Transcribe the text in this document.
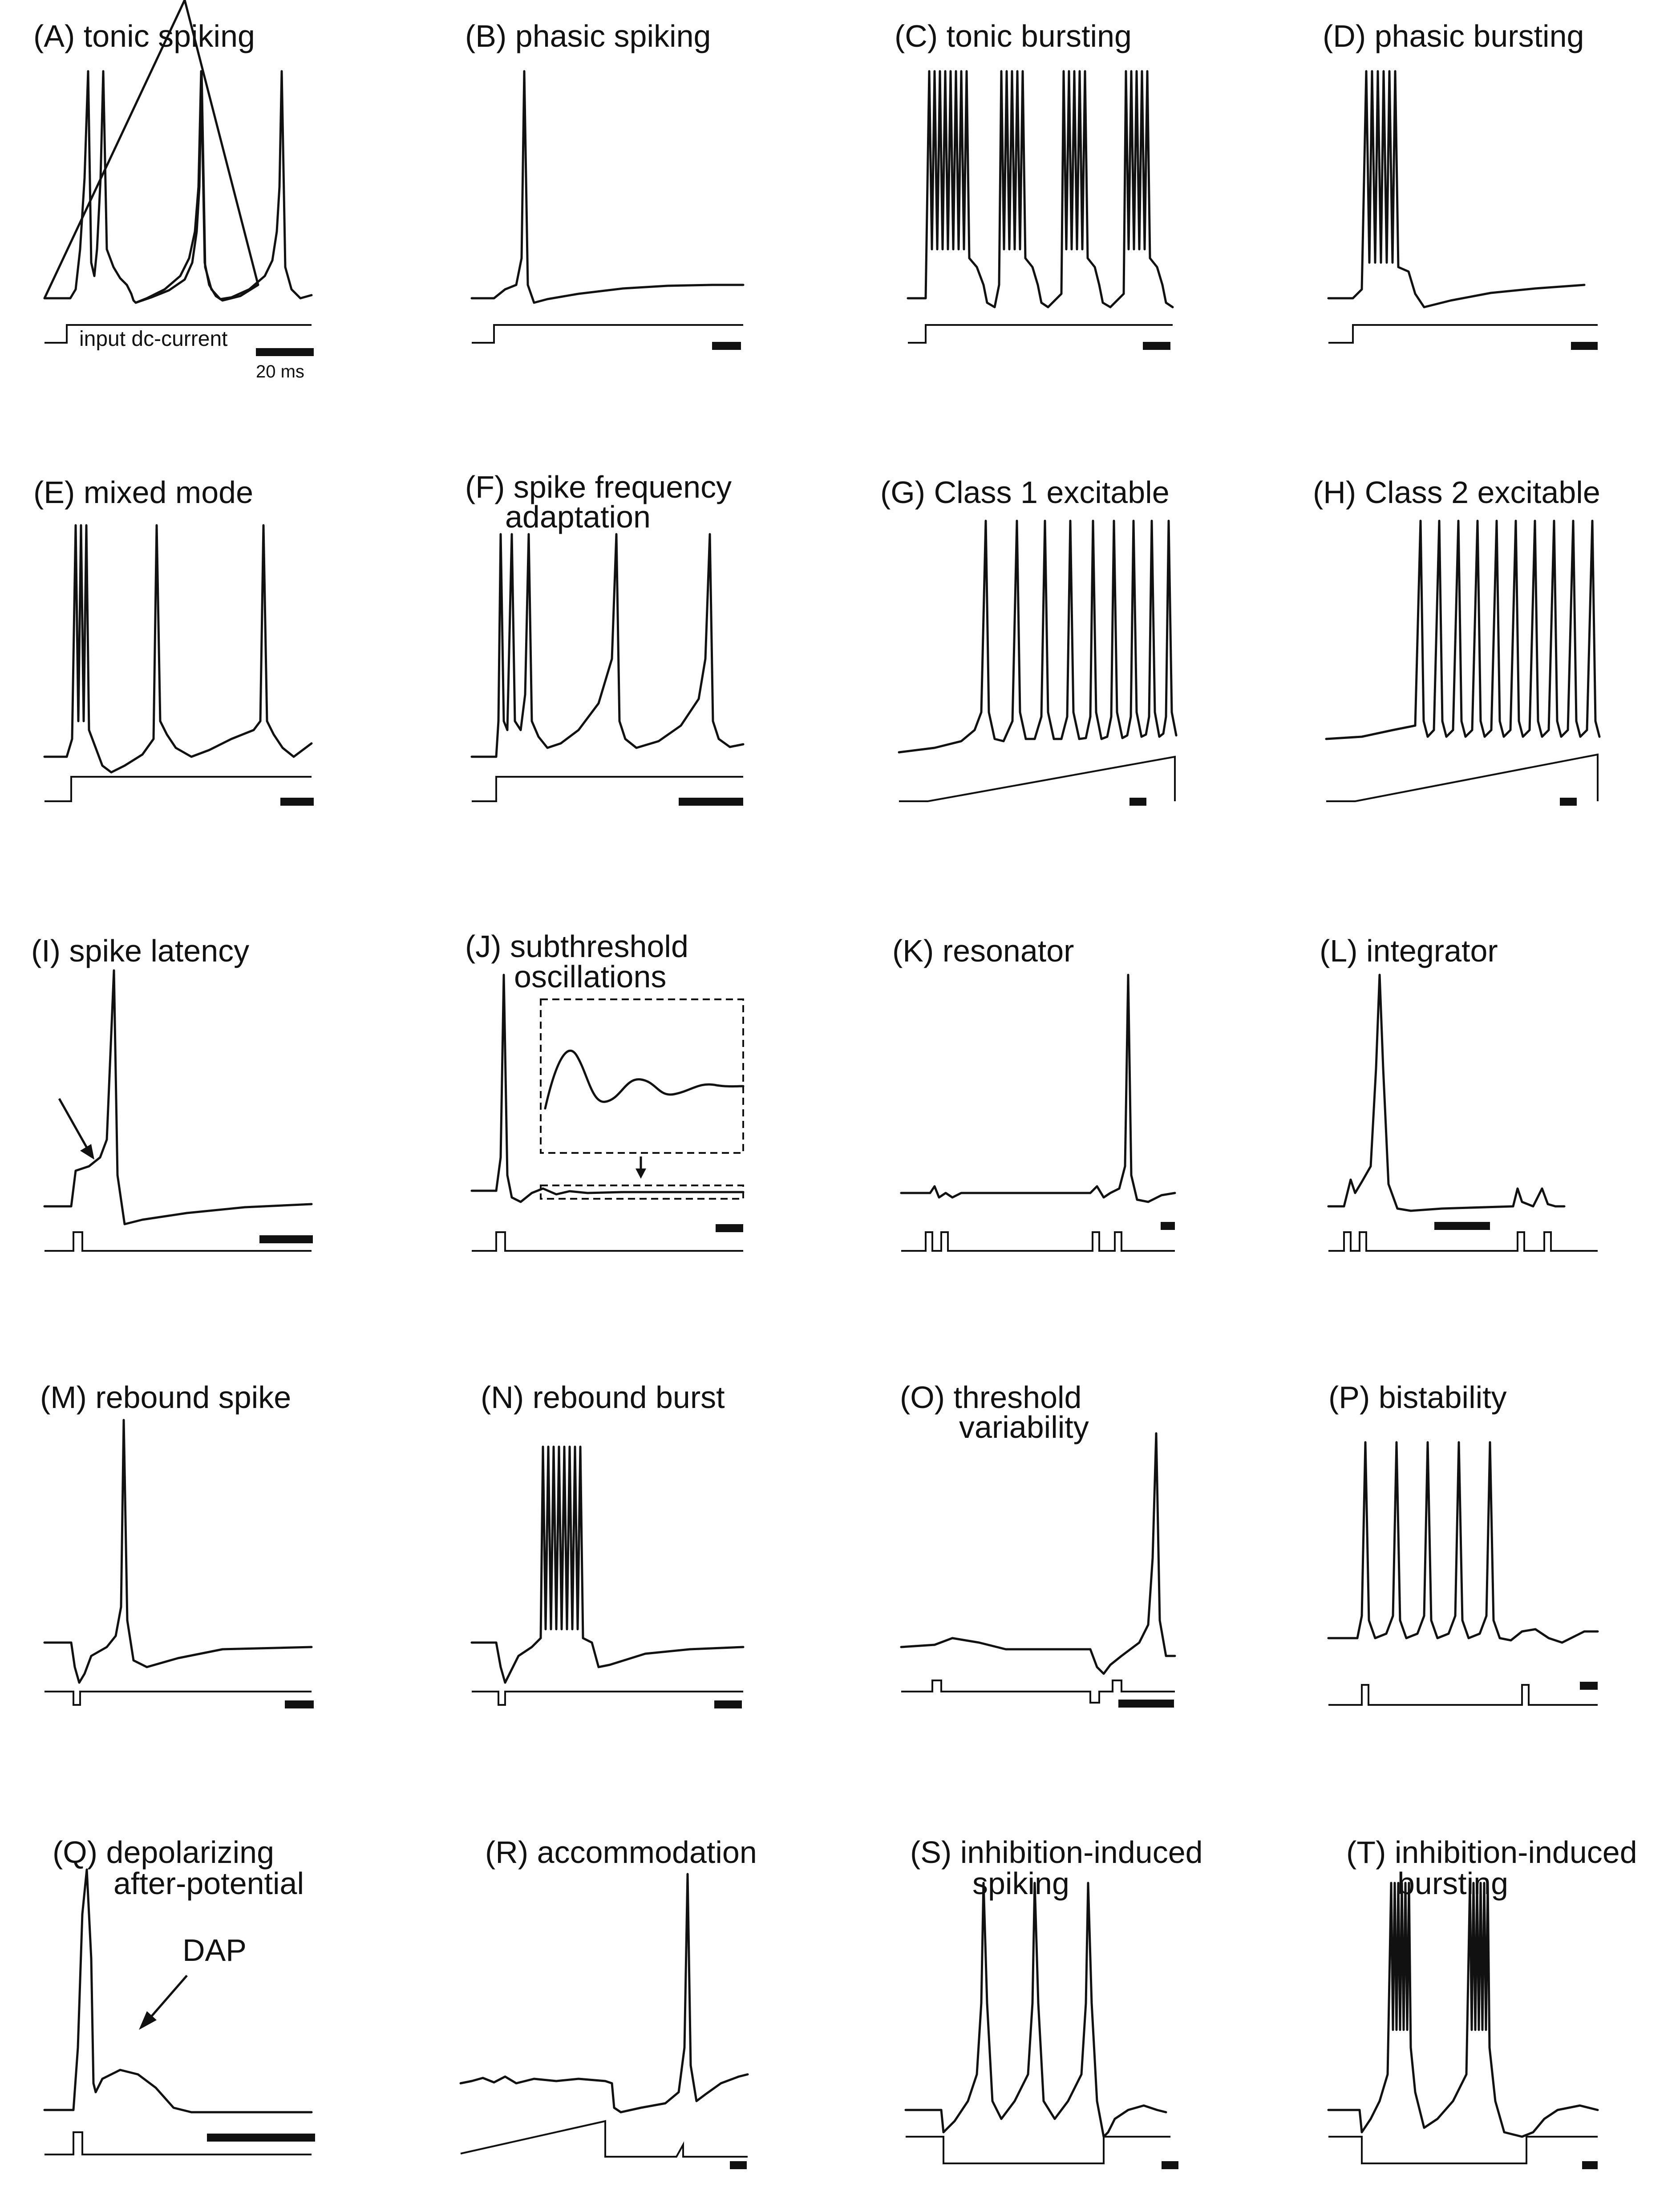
(A) tonic spiking
input dc-current
20 ms
(B) phasic spiking	(C) tonic bursting	(D) phasic bursting
(E) mixed mode	(F) spike frequency
adaptation
(G) Class 1 excitable	(H) Class 2 excitable
(I) spike latency	(J) subthreshold
oscillations
(K) resonator	(L) integrator
(M) rebound spike	(N) rebound burst	(O) threshold
variability
(P) bistability
(Q) depolarizing
after-potential
DAP
(R) accommodation	(S) inhibition-induced
spiking
(T) inhibition-induced
bursting
